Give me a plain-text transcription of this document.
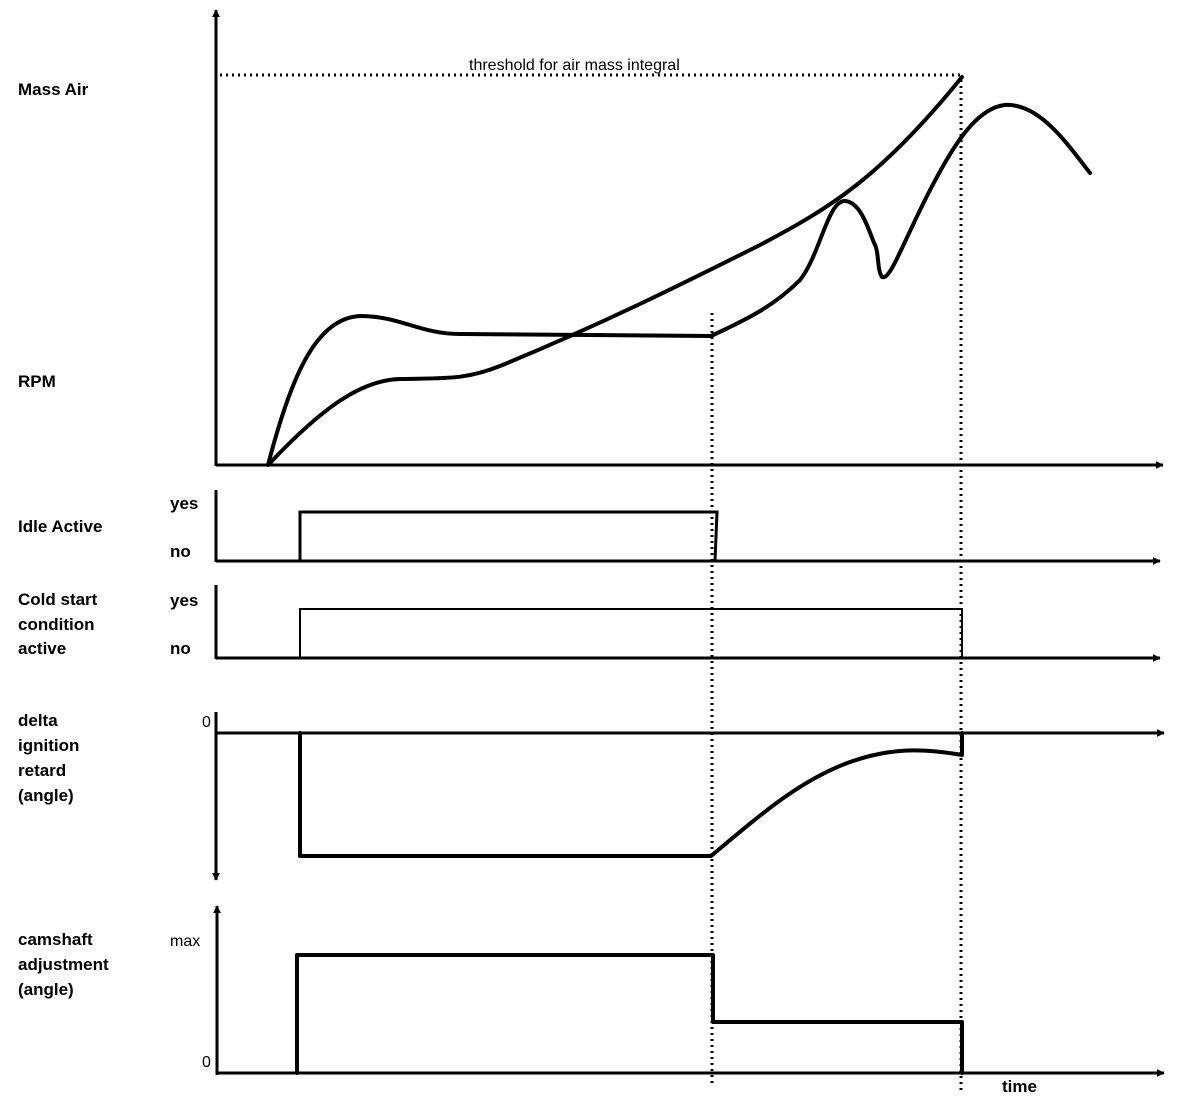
Mass Air
RPM
Idle Active
Cold start
condition
active
delta
ignition
retard
(angle)
camshaft
adjustment
(angle)
yes
no
yes
no
0
max
0
threshold for air mass integral
time
